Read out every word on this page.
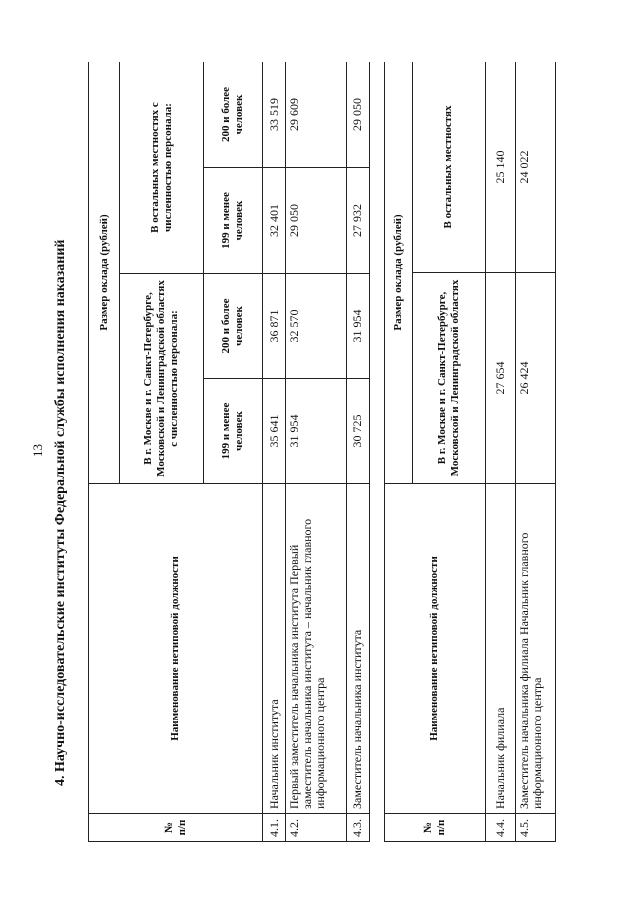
13 4. Научно-исследовательские институты Федеральной службы исполнения наказаний
№ п/п	Наименование нетиповой должности	Размер оклада (рублей)			
		В г. Москве и г. Санкт-Петербурге, Московской и Ленинградской областях с численностью персонала:		В остальных местностях с численностью персонала:	
		199 и менее человек	200 и более человек	199 и менее человек	200 и более человек
4.1.	Начальник института	35 641	36 871	32 401	33 519
4.2.	Первый заместитель начальника института Первый заместитель начальника института – начальник главного информационного центра	31 954	32 570	29 050	29 609
4.3.	Заместитель начальника института	30 725	31 954	27 932	29 050
№ п/п	Наименование нетиповой должности	Размер оклада (рублей)	
		В г. Москве и г. Санкт-Петербурге, Московской и Ленинградской областях	В остальных местностях
4.4.	Начальник филиала	27 654	25 140
4.5.	Заместитель начальника филиала Начальник главного информационного центра	26 424	24 022
